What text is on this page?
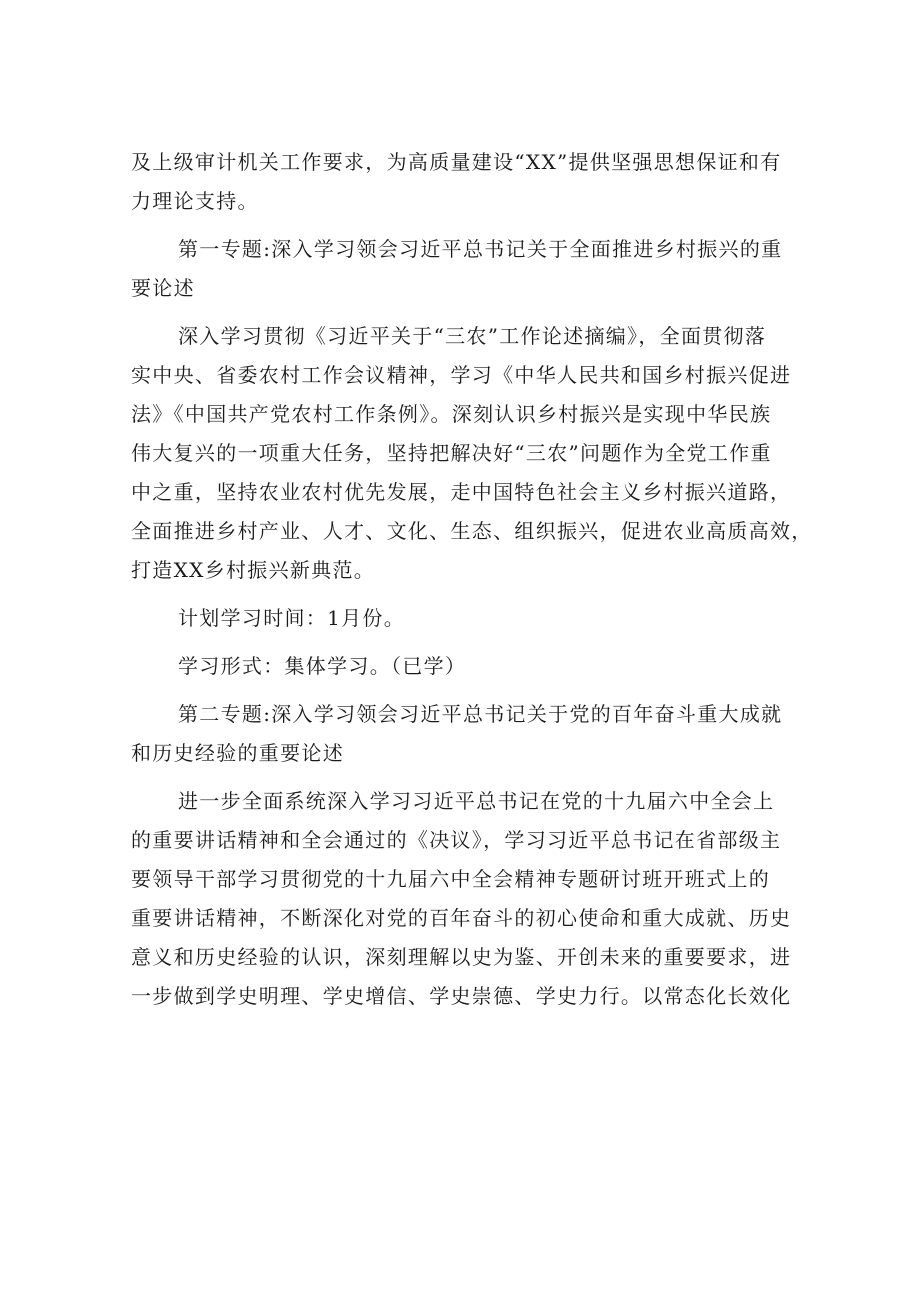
及上级审计机关工作要求，为高质量建设“XX”提供坚强思想保证和有
力理论支持。
第一专题:深入学习领会习近平总书记关于全面推进乡村振兴的重
要论述
深入学习贯彻《习近平关于“三农”工作论述摘编》，全面贯彻落
实中央、省委农村工作会议精神，学习《中华人民共和国乡村振兴促进
法》《中国共产党农村工作条例》。深刻认识乡村振兴是实现中华民族
伟大复兴的一项重大任务，坚持把解决好“三农”问题作为全党工作重
中之重，坚持农业农村优先发展，走中国特色社会主义乡村振兴道路，
全面推进乡村产业、人才、文化、生态、组织振兴，促进农业高质高效，
打造XX乡村振兴新典范。
计划学习时间：1月份。
学习形式：集体学习。（已学）
第二专题:深入学习领会习近平总书记关于党的百年奋斗重大成就
和历史经验的重要论述
进一步全面系统深入学习习近平总书记在党的十九届六中全会上
的重要讲话精神和全会通过的《决议》，学习习近平总书记在省部级主
要领导干部学习贯彻党的十九届六中全会精神专题研讨班开班式上的
重要讲话精神，不断深化对党的百年奋斗的初心使命和重大成就、历史
意义和历史经验的认识，深刻理解以史为鉴、开创未来的重要要求，进
一步做到学史明理、学史增信、学史崇德、学史力行。以常态化长效化
